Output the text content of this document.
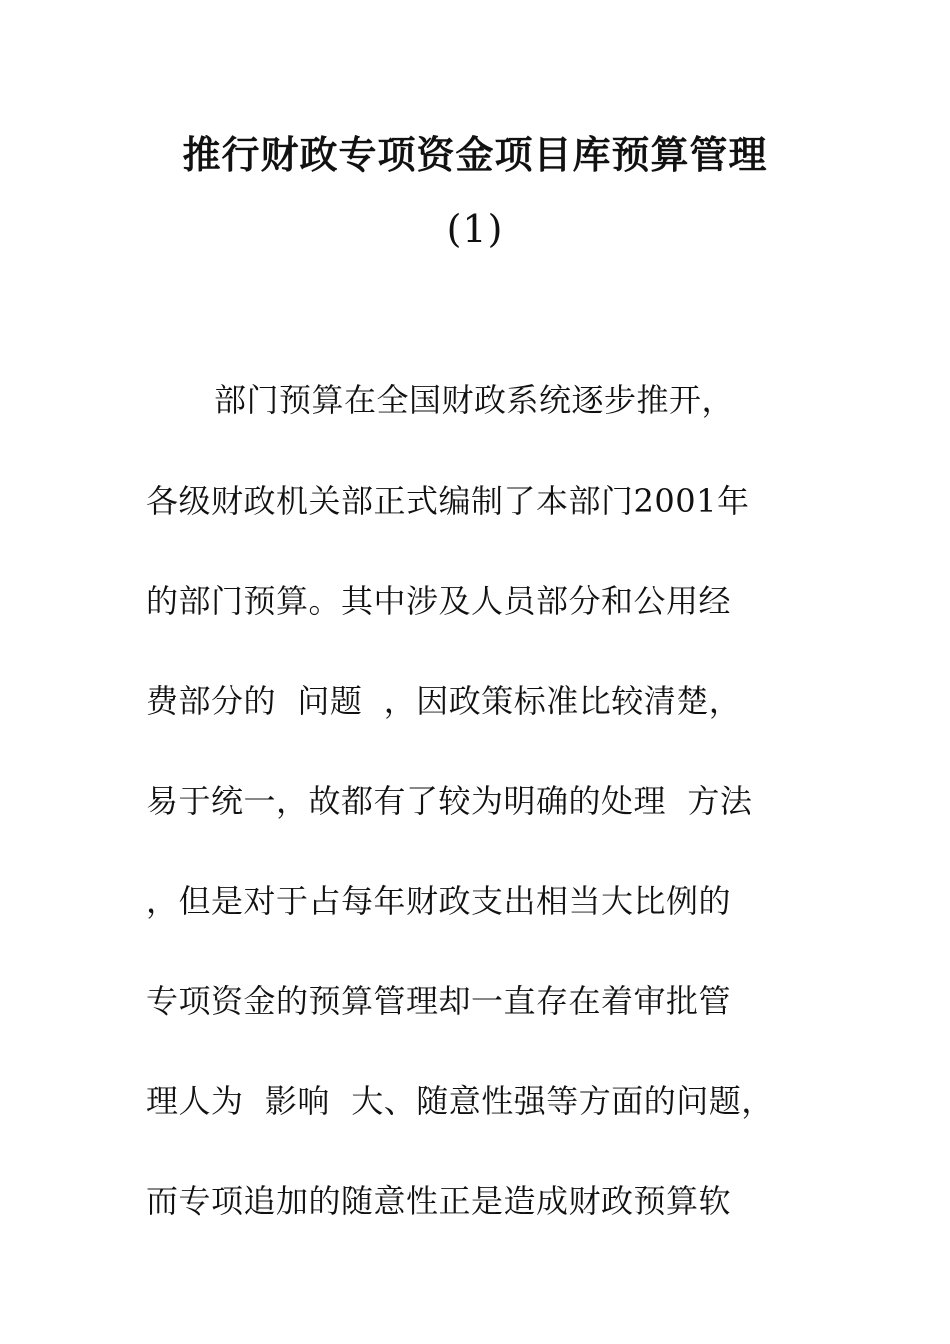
推行财政专项资金项目库预算管理
(1)
部门预算在全国财政系统逐步推开，
各级财政机关部正式编制了本部门2001年
的部门预算。其中涉及人员部分和公用经
费部分的  问题  ，因政策标准比较清楚，
易于统一，故都有了较为明确的处理  方法
，但是对于占每年财政支出相当大比例的
专项资金的预算管理却一直存在着审批管
理人为  影响  大、随意性强等方面的问题，
而专项追加的随意性正是造成财政预算软
